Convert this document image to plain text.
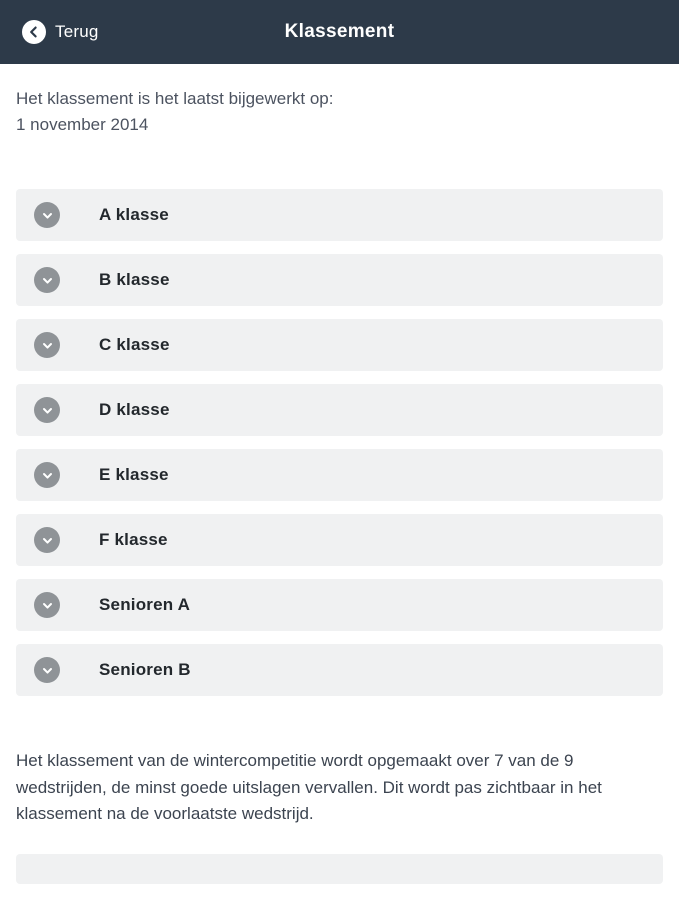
Terug	Klassement
Het klassement is het laatst bijgewerkt op:
1 november 2014
A klasse
B klasse
C klasse
D klasse
E klasse
F klasse
Senioren A
Senioren B
Het klassement van de wintercompetitie wordt opgemaakt over 7 van de 9 wedstrijden, de minst goede uitslagen vervallen. Dit wordt pas zichtbaar in het klassement na de voorlaatste wedstrijd.
